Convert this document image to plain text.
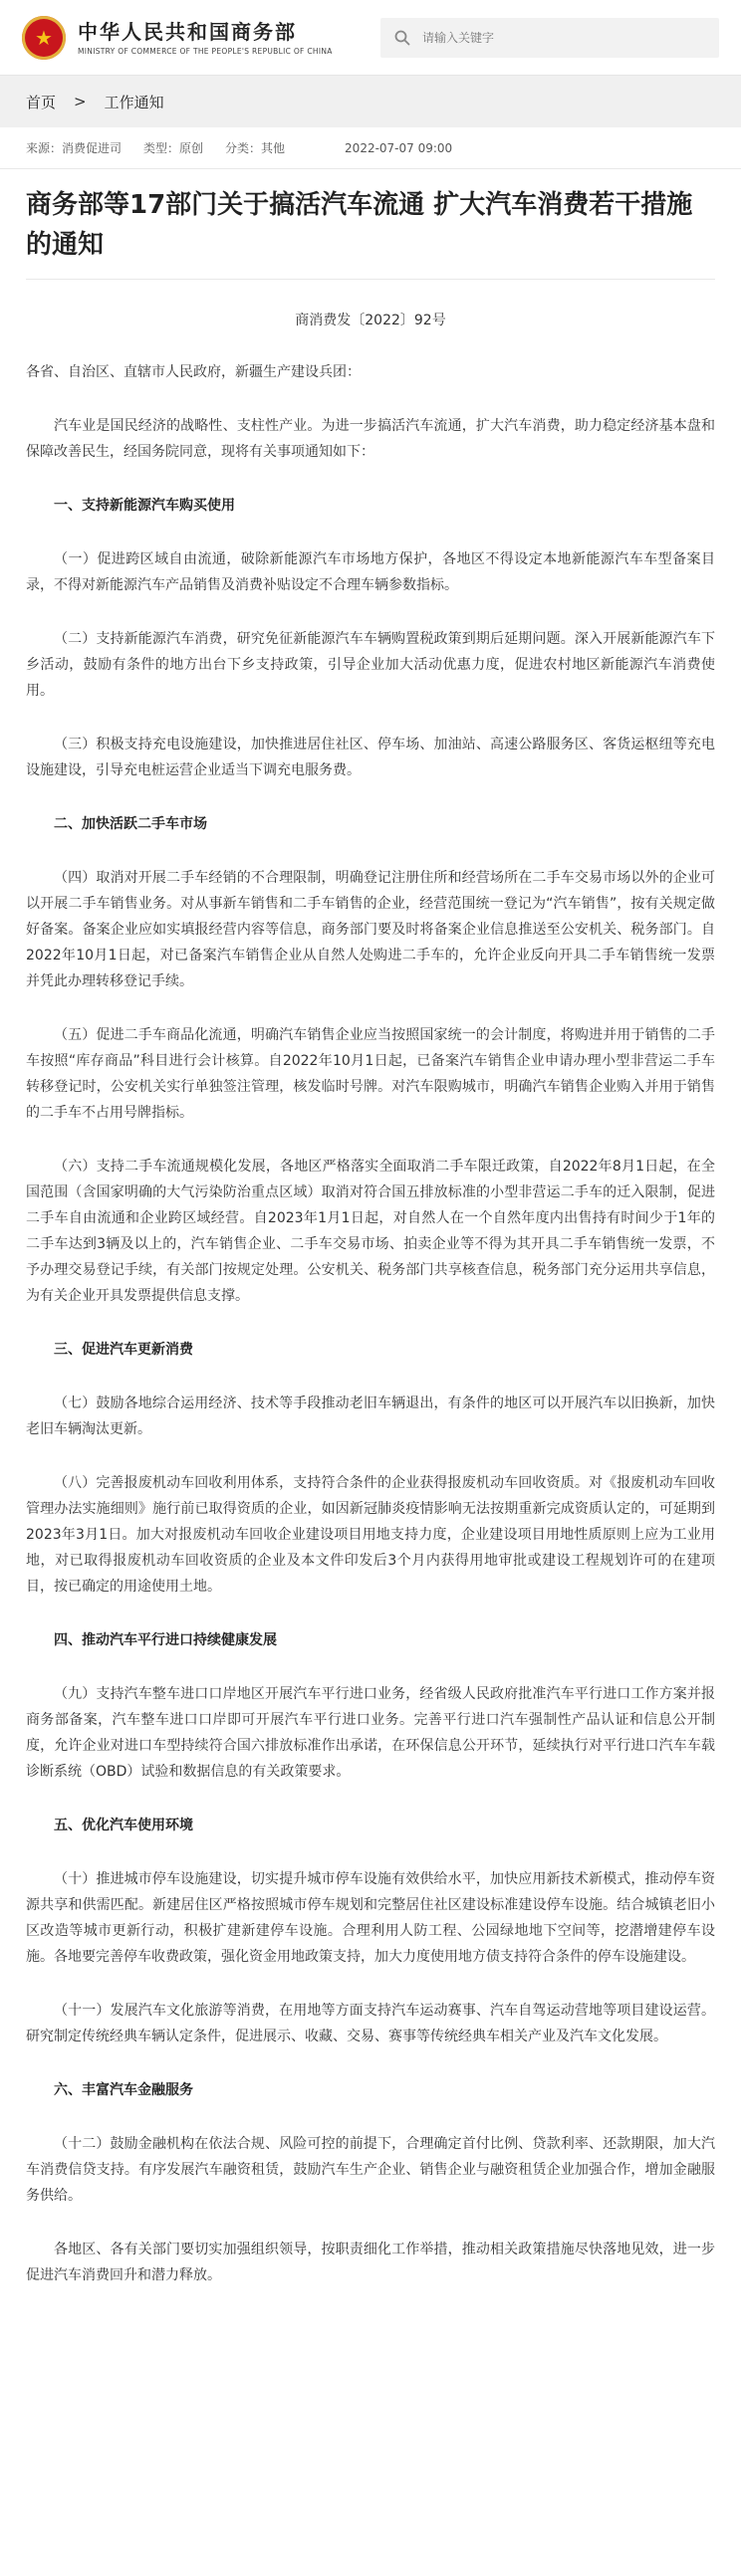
★ 中华人民共和国商务部
MINISTRY OF COMMERCE OF THE PEOPLE'S REPUBLIC OF CHINA
请输入关键字
首页 > 工作通知
来源：消费促进司 类型：原创 分类：其他	2022-07-07 09:00
商务部等17部门关于搞活汽车流通 扩大汽车消费若干措施的通知
商消费发〔2022〕92号
各省、自治区、直辖市人民政府，新疆生产建设兵团：
汽车业是国民经济的战略性、支柱性产业。为进一步搞活汽车流通，扩大汽车消费，助力稳定经济基本盘和保障改善民生，经国务院同意，现将有关事项通知如下：
一、支持新能源汽车购买使用
（一）促进跨区域自由流通，破除新能源汽车市场地方保护，各地区不得设定本地新能源汽车车型备案目录，不得对新能源汽车产品销售及消费补贴设定不合理车辆参数指标。
（二）支持新能源汽车消费，研究免征新能源汽车车辆购置税政策到期后延期问题。深入开展新能源汽车下乡活动，鼓励有条件的地方出台下乡支持政策，引导企业加大活动优惠力度，促进农村地区新能源汽车消费使用。
（三）积极支持充电设施建设，加快推进居住社区、停车场、加油站、高速公路服务区、客货运枢纽等充电设施建设，引导充电桩运营企业适当下调充电服务费。
二、加快活跃二手车市场
（四）取消对开展二手车经销的不合理限制，明确登记注册住所和经营场所在二手车交易市场以外的企业可以开展二手车销售业务。对从事新车销售和二手车销售的企业，经营范围统一登记为“汽车销售”，按有关规定做好备案。备案企业应如实填报经营内容等信息，商务部门要及时将备案企业信息推送至公安机关、税务部门。自2022年10月1日起，对已备案汽车销售企业从自然人处购进二手车的，允许企业反向开具二手车销售统一发票并凭此办理转移登记手续。
（五）促进二手车商品化流通，明确汽车销售企业应当按照国家统一的会计制度，将购进并用于销售的二手车按照“库存商品”科目进行会计核算。自2022年10月1日起，已备案汽车销售企业申请办理小型非营运二手车转移登记时，公安机关实行单独签注管理，核发临时号牌。对汽车限购城市，明确汽车销售企业购入并用于销售的二手车不占用号牌指标。
（六）支持二手车流通规模化发展，各地区严格落实全面取消二手车限迁政策，自2022年8月1日起，在全国范围（含国家明确的大气污染防治重点区域）取消对符合国五排放标准的小型非营运二手车的迁入限制，促进二手车自由流通和企业跨区域经营。自2023年1月1日起，对自然人在一个自然年度内出售持有时间少于1年的二手车达到3辆及以上的，汽车销售企业、二手车交易市场、拍卖企业等不得为其开具二手车销售统一发票，不予办理交易登记手续，有关部门按规定处理。公安机关、税务部门共享核查信息，税务部门充分运用共享信息，为有关企业开具发票提供信息支撑。
三、促进汽车更新消费
（七）鼓励各地综合运用经济、技术等手段推动老旧车辆退出，有条件的地区可以开展汽车以旧换新，加快老旧车辆淘汰更新。
（八）完善报废机动车回收利用体系，支持符合条件的企业获得报废机动车回收资质。对《报废机动车回收管理办法实施细则》施行前已取得资质的企业，如因新冠肺炎疫情影响无法按期重新完成资质认定的，可延期到2023年3月1日。加大对报废机动车回收企业建设项目用地支持力度，企业建设项目用地性质原则上应为工业用地，对已取得报废机动车回收资质的企业及本文件印发后3个月内获得用地审批或建设工程规划许可的在建项目，按已确定的用途使用土地。
四、推动汽车平行进口持续健康发展
（九）支持汽车整车进口口岸地区开展汽车平行进口业务，经省级人民政府批准汽车平行进口工作方案并报商务部备案，汽车整车进口口岸即可开展汽车平行进口业务。完善平行进口汽车强制性产品认证和信息公开制度，允许企业对进口车型持续符合国六排放标准作出承诺，在环保信息公开环节，延续执行对平行进口汽车车载诊断系统（OBD）试验和数据信息的有关政策要求。
五、优化汽车使用环境
（十）推进城市停车设施建设，切实提升城市停车设施有效供给水平，加快应用新技术新模式，推动停车资源共享和供需匹配。新建居住区严格按照城市停车规划和完整居住社区建设标准建设停车设施。结合城镇老旧小区改造等城市更新行动，积极扩建新建停车设施。合理利用人防工程、公园绿地地下空间等，挖潜增建停车设施。各地要完善停车收费政策，强化资金用地政策支持，加大力度使用地方债支持符合条件的停车设施建设。
（十一）发展汽车文化旅游等消费，在用地等方面支持汽车运动赛事、汽车自驾运动营地等项目建设运营。研究制定传统经典车辆认定条件，促进展示、收藏、交易、赛事等传统经典车相关产业及汽车文化发展。
六、丰富汽车金融服务
（十二）鼓励金融机构在依法合规、风险可控的前提下，合理确定首付比例、贷款利率、还款期限，加大汽车消费信贷支持。有序发展汽车融资租赁，鼓励汽车生产企业、销售企业与融资租赁企业加强合作，增加金融服务供给。
各地区、各有关部门要切实加强组织领导，按职责细化工作举措，推动相关政策措施尽快落地见效，进一步促进汽车消费回升和潜力释放。
